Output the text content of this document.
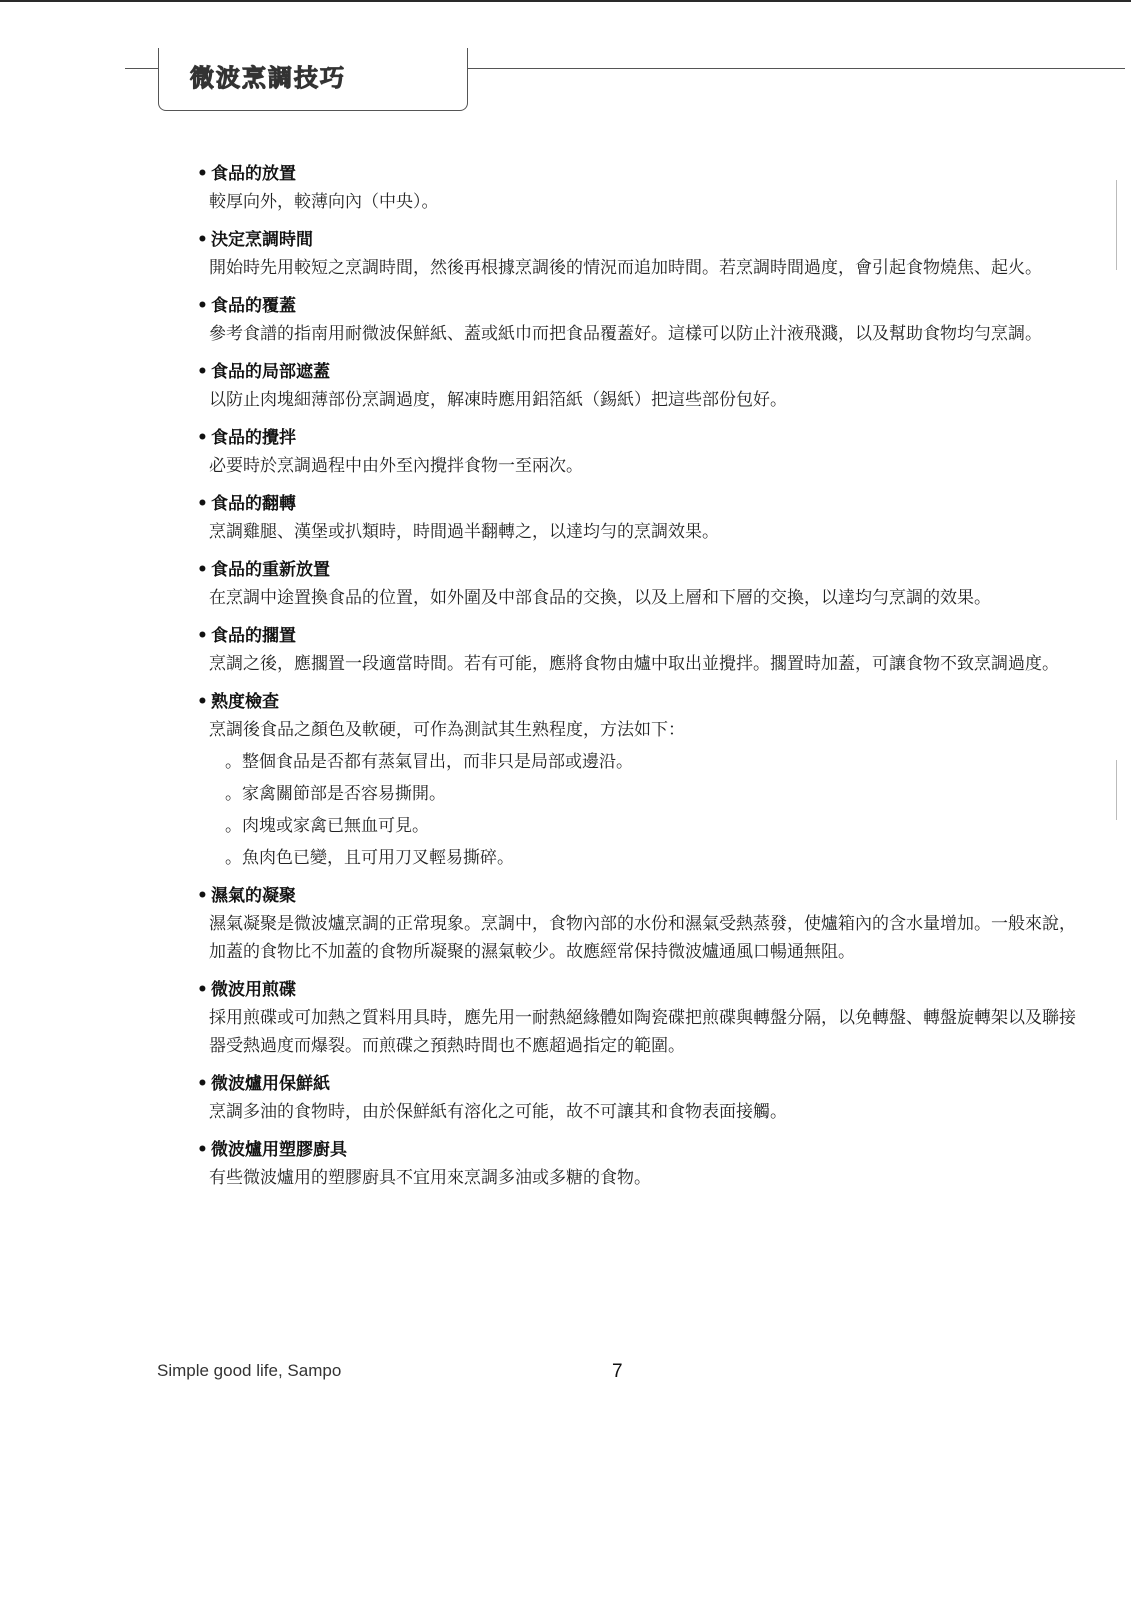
微波烹調技巧
• 食品的放置
較厚向外，較薄向內（中央）。
• 決定烹調時間
開始時先用較短之烹調時間，然後再根據烹調後的情況而追加時間。若烹調時間過度，會引起食物燒焦、起火。
• 食品的覆蓋
參考食譜的指南用耐微波保鮮紙、蓋或紙巾而把食品覆蓋好。這樣可以防止汁液飛濺，以及幫助食物均勻烹調。
• 食品的局部遮蓋
以防止肉塊細薄部份烹調過度，解凍時應用鋁箔紙（錫紙）把這些部份包好。
• 食品的攪拌
必要時於烹調過程中由外至內攪拌食物一至兩次。
• 食品的翻轉
烹調雞腿、漢堡或扒類時，時間過半翻轉之，以達均勻的烹調效果。
• 食品的重新放置
在烹調中途置換食品的位置，如外圍及中部食品的交換，以及上層和下層的交換，以達均勻烹調的效果。
• 食品的擱置
烹調之後，應擱置一段適當時間。若有可能，應將食物由爐中取出並攪拌。擱置時加蓋，可讓食物不致烹調過度。
• 熟度檢查
烹調後食品之顏色及軟硬，可作為測試其生熟程度，方法如下：
。整個食品是否都有蒸氣冒出，而非只是局部或邊沿。
。家禽關節部是否容易撕開。
。肉塊或家禽已無血可見。
。魚肉色已變，且可用刀叉輕易撕碎。
• 濕氣的凝聚
濕氣凝聚是微波爐烹調的正常現象。烹調中，食物內部的水份和濕氣受熱蒸發，使爐箱內的含水量增加。一般來說，加蓋的食物比不加蓋的食物所凝聚的濕氣較少。故應經常保持微波爐通風口暢通無阻。
• 微波用煎碟
採用煎碟或可加熱之質料用具時，應先用一耐熱絕緣體如陶瓷碟把煎碟與轉盤分隔，以免轉盤、轉盤旋轉架以及聯接器受熱過度而爆裂。而煎碟之預熱時間也不應超過指定的範圍。
• 微波爐用保鮮紙
烹調多油的食物時，由於保鮮紙有溶化之可能，故不可讓其和食物表面接觸。
• 微波爐用塑膠廚具
有些微波爐用的塑膠廚具不宜用來烹調多油或多糖的食物。
Simple good life, Sampo	7
